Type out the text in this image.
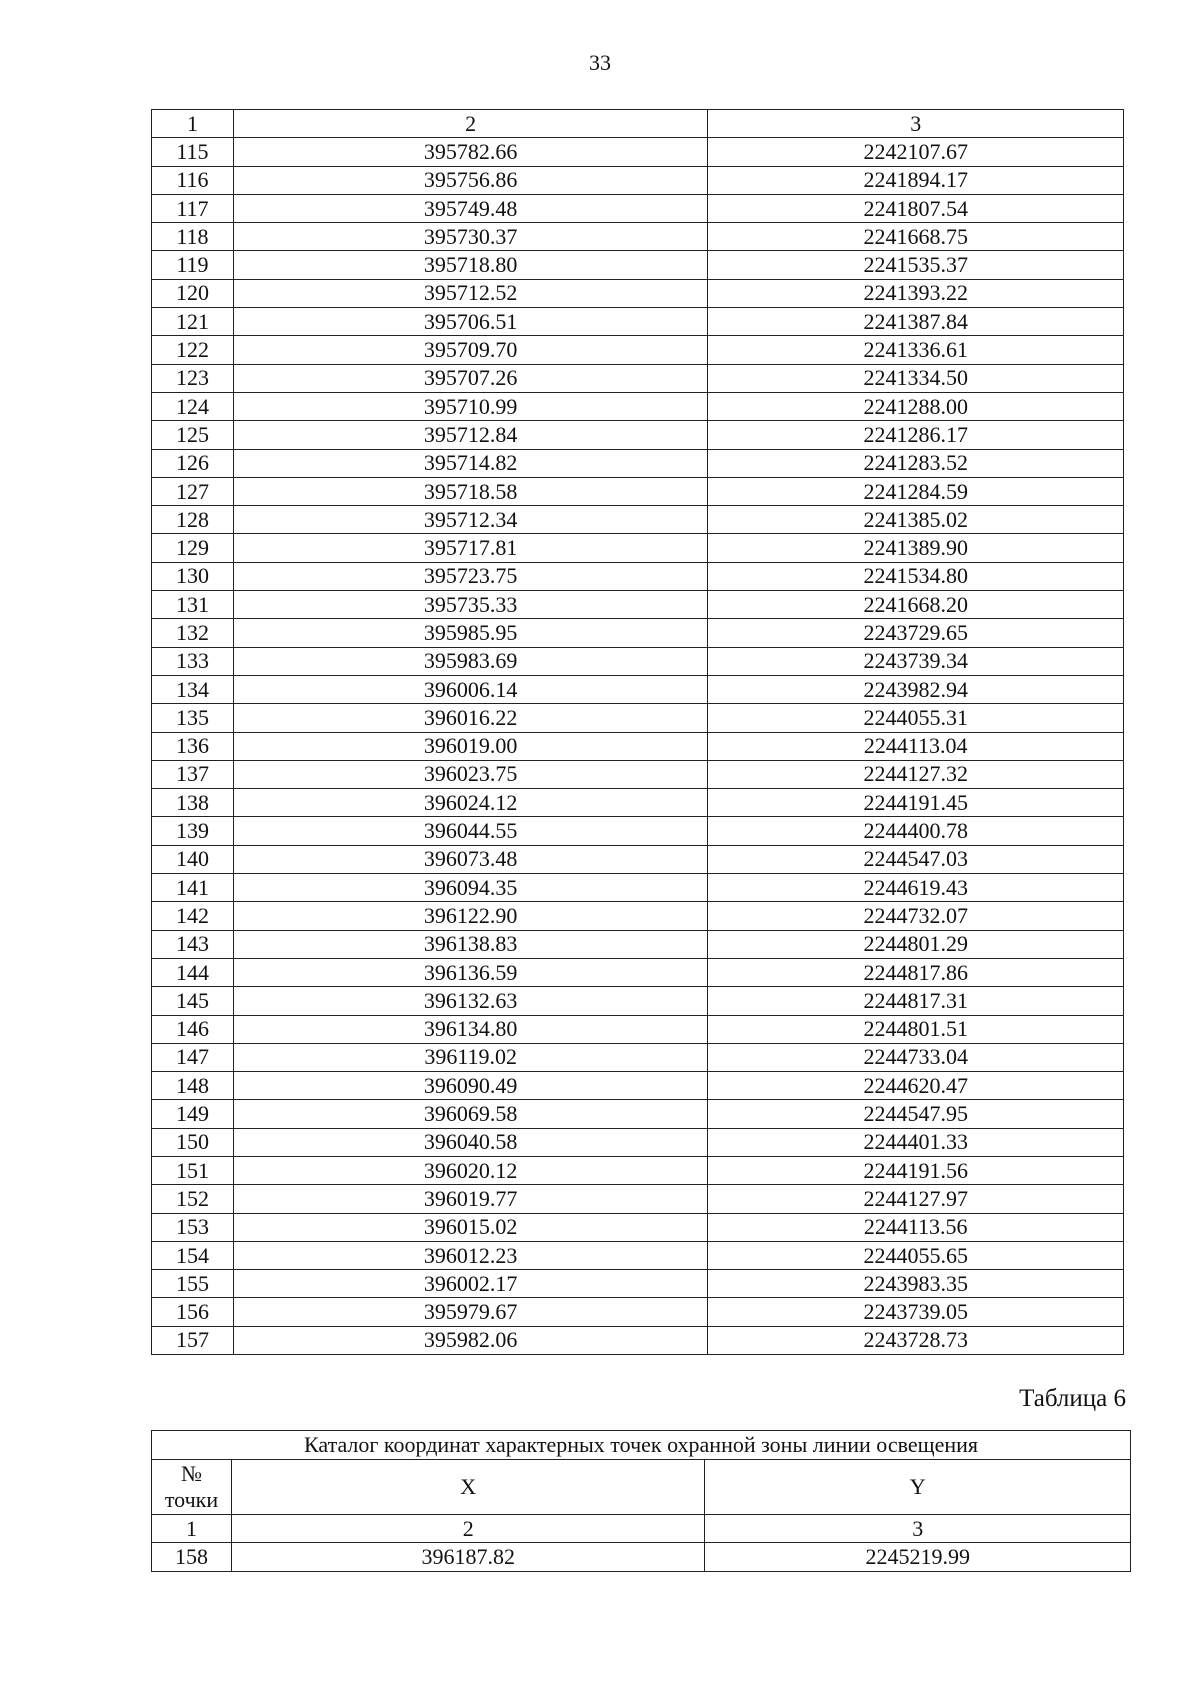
33
1	2	3
115	395782.66	2242107.67
116	395756.86	2241894.17
117	395749.48	2241807.54
118	395730.37	2241668.75
119	395718.80	2241535.37
120	395712.52	2241393.22
121	395706.51	2241387.84
122	395709.70	2241336.61
123	395707.26	2241334.50
124	395710.99	2241288.00
125	395712.84	2241286.17
126	395714.82	2241283.52
127	395718.58	2241284.59
128	395712.34	2241385.02
129	395717.81	2241389.90
130	395723.75	2241534.80
131	395735.33	2241668.20
132	395985.95	2243729.65
133	395983.69	2243739.34
134	396006.14	2243982.94
135	396016.22	2244055.31
136	396019.00	2244113.04
137	396023.75	2244127.32
138	396024.12	2244191.45
139	396044.55	2244400.78
140	396073.48	2244547.03
141	396094.35	2244619.43
142	396122.90	2244732.07
143	396138.83	2244801.29
144	396136.59	2244817.86
145	396132.63	2244817.31
146	396134.80	2244801.51
147	396119.02	2244733.04
148	396090.49	2244620.47
149	396069.58	2244547.95
150	396040.58	2244401.33
151	396020.12	2244191.56
152	396019.77	2244127.97
153	396015.02	2244113.56
154	396012.23	2244055.65
155	396002.17	2243983.35
156	395979.67	2243739.05
157	395982.06	2243728.73
Таблица 6
Каталог координат характерных точек охранной зоны линии освещения		
№
точки	X	Y
1	2	3
158	396187.82	2245219.99
